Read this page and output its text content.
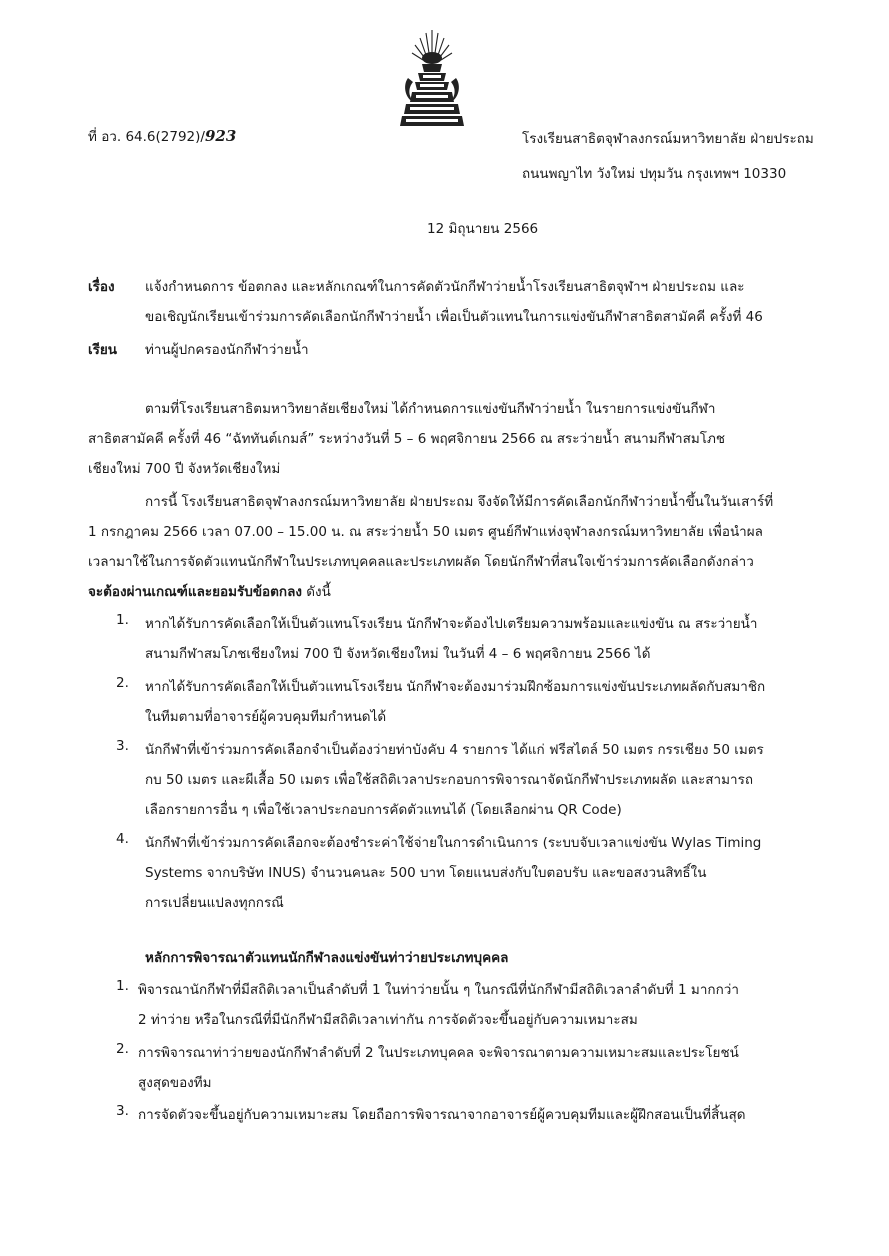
ที่ อว. 64.6(2792)/923	โรงเรียนสาธิตจุฬาลงกรณ์มหาวิทยาลัย ฝ่ายประถม
ถนนพญาไท วังใหม่ ปทุมวัน กรุงเทพฯ 10330
12 มิถุนายน 2566
เรื่อง แจ้งกำหนดการ ข้อตกลง และหลักเกณฑ์ในการคัดตัวนักกีฬาว่ายน้ำโรงเรียนสาธิตจุฬาฯ ฝ่ายประถม และ
ขอเชิญนักเรียนเข้าร่วมการคัดเลือกนักกีฬาว่ายน้ำ เพื่อเป็นตัวแทนในการแข่งขันกีฬาสาธิตสามัคคี ครั้งที่ 46
เรียน ท่านผู้ปกครองนักกีฬาว่ายน้ำ
ตามที่โรงเรียนสาธิตมหาวิทยาลัยเชียงใหม่ ได้กำหนดการแข่งขันกีฬาว่ายน้ำ ในรายการแข่งขันกีฬา
สาธิตสามัคคี ครั้งที่ 46 “ฉัททันต์เกมส์” ระหว่างวันที่ 5 – 6 พฤศจิกายน 2566 ณ สระว่ายน้ำ สนามกีฬาสมโภช
เชียงใหม่ 700 ปี จังหวัดเชียงใหม่
การนี้ โรงเรียนสาธิตจุฬาลงกรณ์มหาวิทยาลัย ฝ่ายประถม จึงจัดให้มีการคัดเลือกนักกีฬาว่ายน้ำขึ้นในวันเสาร์ที่
1 กรกฎาคม 2566 เวลา 07.00 – 15.00 น. ณ สระว่ายน้ำ 50 เมตร ศูนย์กีฬาแห่งจุฬาลงกรณ์มหาวิทยาลัย เพื่อนำผล
เวลามาใช้ในการจัดตัวแทนนักกีฬาในประเภทบุคคลและประเภทผลัด โดยนักกีฬาที่สนใจเข้าร่วมการคัดเลือกดังกล่าว
จะต้องผ่านเกณฑ์และยอมรับข้อตกลง ดังนี้
1. หากได้รับการคัดเลือกให้เป็นตัวแทนโรงเรียน นักกีฬาจะต้องไปเตรียมความพร้อมและแข่งขัน ณ สระว่ายน้ำ
สนามกีฬาสมโภชเชียงใหม่ 700 ปี จังหวัดเชียงใหม่ ในวันที่ 4 – 6 พฤศจิกายน 2566 ได้
2. หากได้รับการคัดเลือกให้เป็นตัวแทนโรงเรียน นักกีฬาจะต้องมาร่วมฝึกซ้อมการแข่งขันประเภทผลัดกับสมาชิก
ในทีมตามที่อาจารย์ผู้ควบคุมทีมกำหนดได้
3. นักกีฬาที่เข้าร่วมการคัดเลือกจำเป็นต้องว่ายท่าบังคับ 4 รายการ ได้แก่ ฟรีสไตล์ 50 เมตร กรรเชียง 50 เมตร
กบ 50 เมตร และผีเสื้อ 50 เมตร เพื่อใช้สถิติเวลาประกอบการพิจารณาจัดนักกีฬาประเภทผลัด และสามารถ
เลือกรายการอื่น ๆ เพื่อใช้เวลาประกอบการคัดตัวแทนได้ (โดยเลือกผ่าน QR Code)
4. นักกีฬาที่เข้าร่วมการคัดเลือกจะต้องชำระค่าใช้จ่ายในการดำเนินการ (ระบบจับเวลาแข่งขัน Wylas Timing
Systems จากบริษัท INUS) จำนวนคนละ 500 บาท โดยแนบส่งกับใบตอบรับ และขอสงวนสิทธิ์ใน
การเปลี่ยนแปลงทุกกรณี
หลักการพิจารณาตัวแทนนักกีฬาลงแข่งขันท่าว่ายประเภทบุคคล
1. พิจารณานักกีฬาที่มีสถิติเวลาเป็นลำดับที่ 1 ในท่าว่ายนั้น ๆ ในกรณีที่นักกีฬามีสถิติเวลาลำดับที่ 1 มากกว่า
2 ท่าว่าย หรือในกรณีที่มีนักกีฬามีสถิติเวลาเท่ากัน การจัดตัวจะขึ้นอยู่กับความเหมาะสม
2. การพิจารณาท่าว่ายของนักกีฬาลำดับที่ 2 ในประเภทบุคคล จะพิจารณาตามความเหมาะสมและประโยชน์
สูงสุดของทีม
3. การจัดตัวจะขึ้นอยู่กับความเหมาะสม โดยถือการพิจารณาจากอาจารย์ผู้ควบคุมทีมและผู้ฝึกสอนเป็นที่สิ้นสุด
